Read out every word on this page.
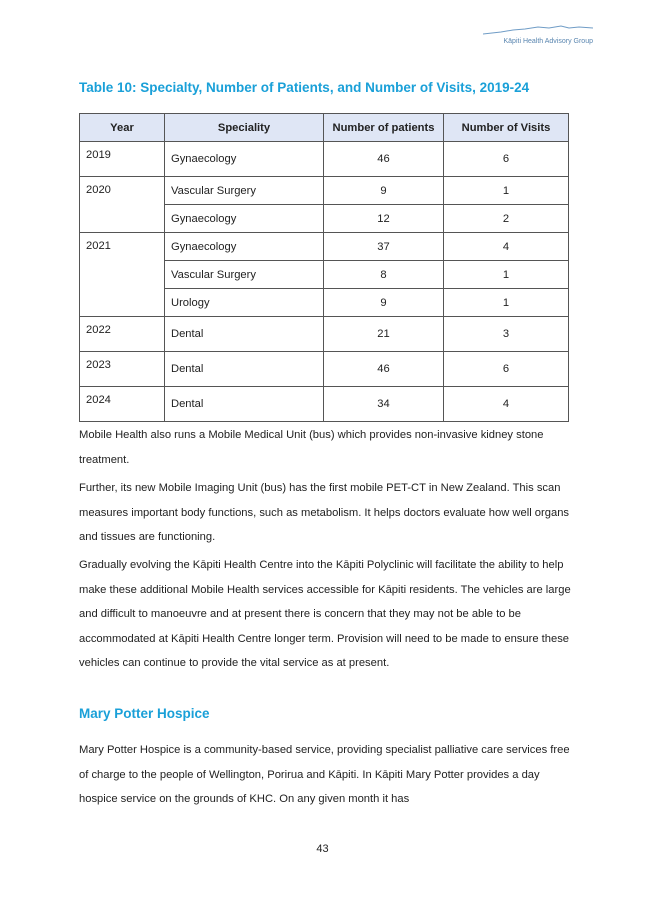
Kāpiti Health Advisory Group
Table 10: Specialty, Number of Patients, and Number of Visits, 2019-24
Year	Speciality	Number of patients	Number of Visits
2019	Gynaecology	46	6
2020	Vascular Surgery	9	1
	Gynaecology	12	2
2021	Gynaecology	37	4
	Vascular Surgery	8	1
	Urology	9	1
2022	Dental	21	3
2023	Dental	46	6
2024	Dental	34	4

Mobile Health also runs a Mobile Medical Unit (bus) which provides non-invasive kidney stone treatment.

Further, its new Mobile Imaging Unit (bus) has the first mobile PET-CT in New Zealand. This scan measures important body functions, such as metabolism. It helps doctors evaluate how well organs and tissues are functioning.

Gradually evolving the Kāpiti Health Centre into the Kāpiti Polyclinic will facilitate the ability to help make these additional Mobile Health services accessible for Kāpiti residents. The vehicles are large and difficult to manoeuvre and at present there is concern that they may not be able to be accommodated at Kāpiti Health Centre longer term. Provision will need to be made to ensure these vehicles can continue to provide the vital service as at present.

Mary Potter Hospice

Mary Potter Hospice is a community-based service, providing specialist palliative care services free of charge to the people of Wellington, Porirua and Kāpiti. In Kāpiti Mary Potter provides a day hospice service on the grounds of KHC. On any given month it has

43
